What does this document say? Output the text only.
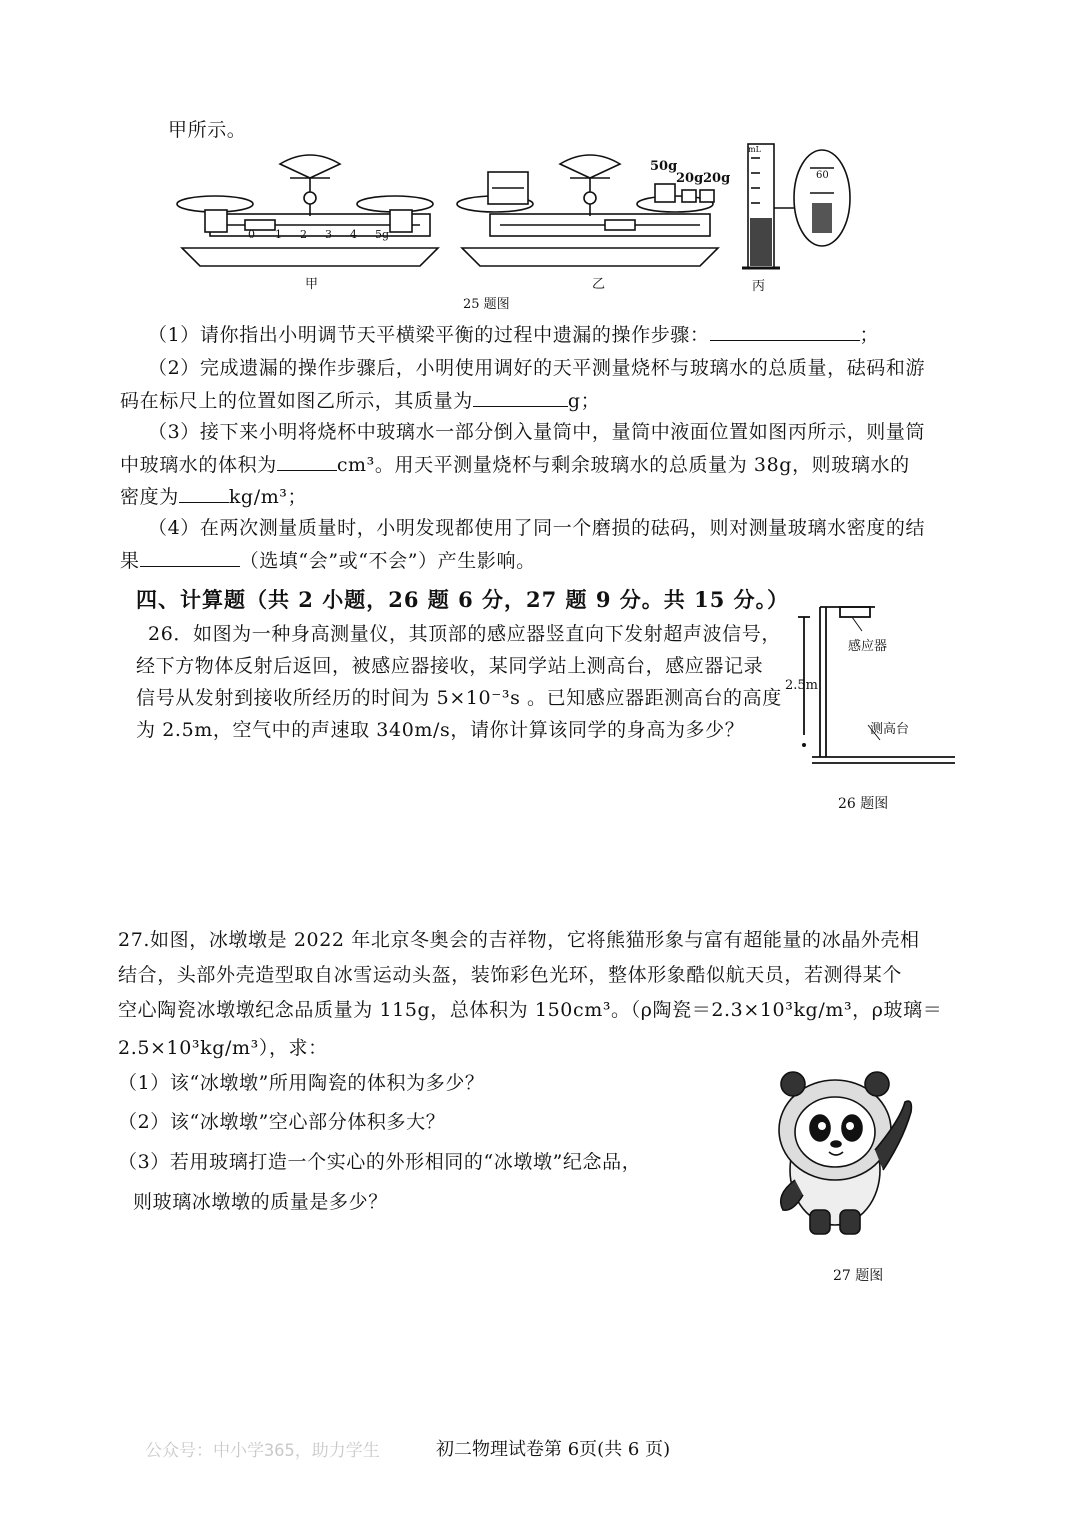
甲所示。
0 1 2 3 4 5g
50g
20g 20g
mL
60
甲	乙	丙
25 题图
（1）请你指出小明调节天平横梁平衡的过程中遗漏的操作步骤：	；
（2）完成遗漏的操作步骤后，小明使用调好的天平测量烧杯与玻璃水的总质量，砝码和游
码在标尺上的位置如图乙所示，其质量为	g；
（3）接下来小明将烧杯中玻璃水一部分倒入量筒中，量筒中液面位置如图丙所示，则量筒
中玻璃水的体积为	cm³。用天平测量烧杯与剩余玻璃水的总质量为 38g，则玻璃水的
密度为	kg/m³；
（4）在两次测量质量时，小明发现都使用了同一个磨损的砝码，则对测量玻璃水密度的结
果	（选填“会”或“不会”）产生影响。
四、计算题（共 2 小题，26 题 6 分，27 题 9 分。共 15 分。）
26．如图为一种身高测量仪，其顶部的感应器竖直向下发射超声波信号，
经下方物体反射后返回，被感应器接收，某同学站上测高台，感应器记录
信号从发射到接收所经历的时间为 5×10⁻³s 。已知感应器距测高台的高度
为 2.5m，空气中的声速取 340m/s，请你计算该同学的身高为多少？
感应器
2.5m
测高台
26 题图
27.如图，冰墩墩是 2022 年北京冬奥会的吉祥物，它将熊猫形象与富有超能量的冰晶外壳相
结合，头部外壳造型取自冰雪运动头盔，装饰彩色光环，整体形象酷似航天员，若测得某个
空心陶瓷冰墩墩纪念品质量为 115g，总体积为 150cm³。（ρ陶瓷＝2.3×10³kg/m³，ρ玻璃＝
2.5×10³kg/m³），求：
（1）该“冰墩墩”所用陶瓷的体积为多少？
（2）该“冰墩墩”空心部分体积多大？
（3）若用玻璃打造一个实心的外形相同的“冰墩墩”纪念品，
则玻璃冰墩墩的质量是多少？
27 题图
公众号：中小学365，助力学生	初二物理试卷第 6页(共 6 页)
